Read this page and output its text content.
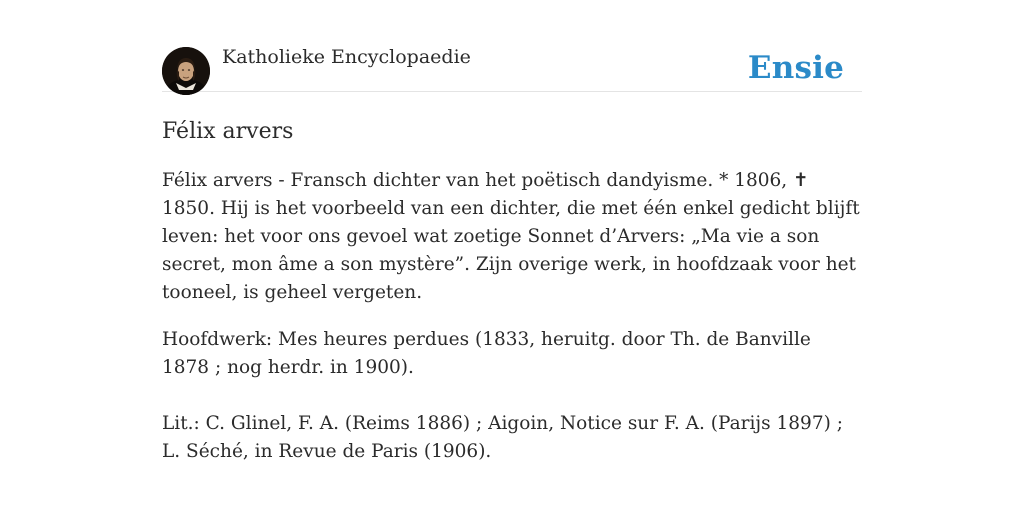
Katholieke Encyclopaedie	Ensie
Félix arvers

Félix arvers - Fransch dichter van het poëtisch dandyisme. * 1806, ✝ 1850. Hij is het voorbeeld van een dichter, die met één enkel gedicht blijft leven: het voor ons gevoel wat zoetige Sonnet d’Arvers: „Ma vie a son secret, mon âme a son mystère”. Zijn overige werk, in hoofdzaak voor het tooneel, is geheel vergeten.

Hoofdwerk: Mes heures perdues (1833, heruitg. door Th. de Banville 1878 ; nog herdr. in 1900).

Lit.: C. Glinel, F. A. (Reims 1886) ; Aigoin, Notice sur F. A. (Parijs 1897) ; L. Séché, in Revue de Paris (1906).
